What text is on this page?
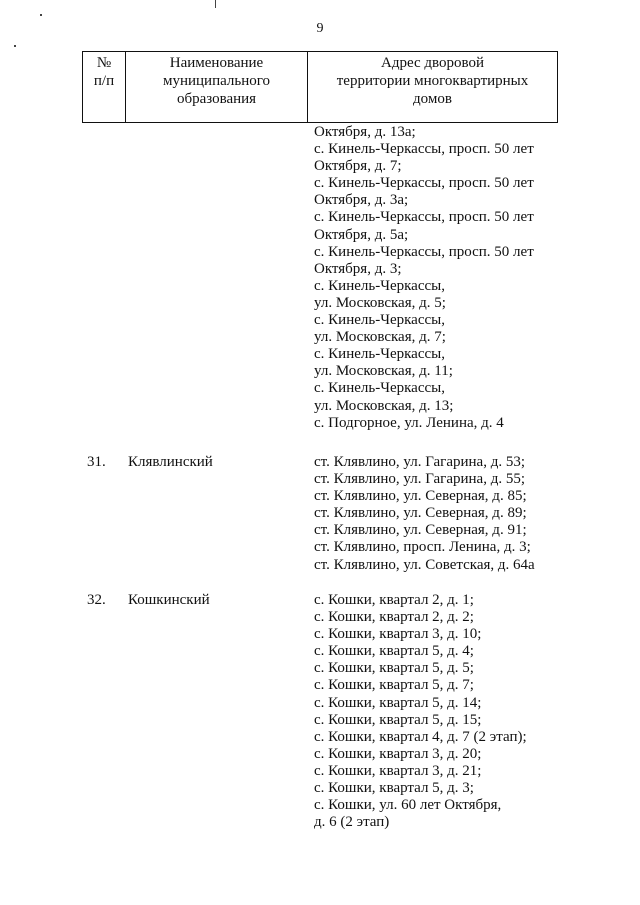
9
№
п/п
Наименование
муниципального
образования
Адрес дворовой
территории многоквартирных
домов
Октября, д. 13а;
с. Кинель-Черкассы, просп. 50 лет
Октября, д. 7;
с. Кинель-Черкассы, просп. 50 лет
Октября, д. 3а;
с. Кинель-Черкассы, просп. 50 лет
Октября, д. 5а;
с. Кинель-Черкассы, просп. 50 лет
Октября, д. 3;
с. Кинель-Черкассы,
ул. Московская, д. 5;
с. Кинель-Черкассы,
ул. Московская, д. 7;
с. Кинель-Черкассы,
ул. Московская, д. 11;
с. Кинель-Черкассы,
ул. Московская, д. 13;
с. Подгорное, ул. Ленина, д. 4
31. Клявлинский	ст. Клявлино, ул. Гагарина, д. 53;
ст. Клявлино, ул. Гагарина, д. 55;
ст. Клявлино, ул. Северная, д. 85;
ст. Клявлино, ул. Северная, д. 89;
ст. Клявлино, ул. Северная, д. 91;
ст. Клявлино, просп. Ленина, д. 3;
ст. Клявлино, ул. Советская, д. 64а
32. Кошкинский	с. Кошки, квартал 2, д. 1;
с. Кошки, квартал 2, д. 2;
с. Кошки, квартал 3, д. 10;
с. Кошки, квартал 5, д. 4;
с. Кошки, квартал 5, д. 5;
с. Кошки, квартал 5, д. 7;
с. Кошки, квартал 5, д. 14;
с. Кошки, квартал 5, д. 15;
с. Кошки, квартал 4, д. 7 (2 этап);
с. Кошки, квартал 3, д. 20;
с. Кошки, квартал 3, д. 21;
с. Кошки, квартал 5, д. 3;
с. Кошки, ул. 60 лет Октября,
д. 6 (2 этап)
